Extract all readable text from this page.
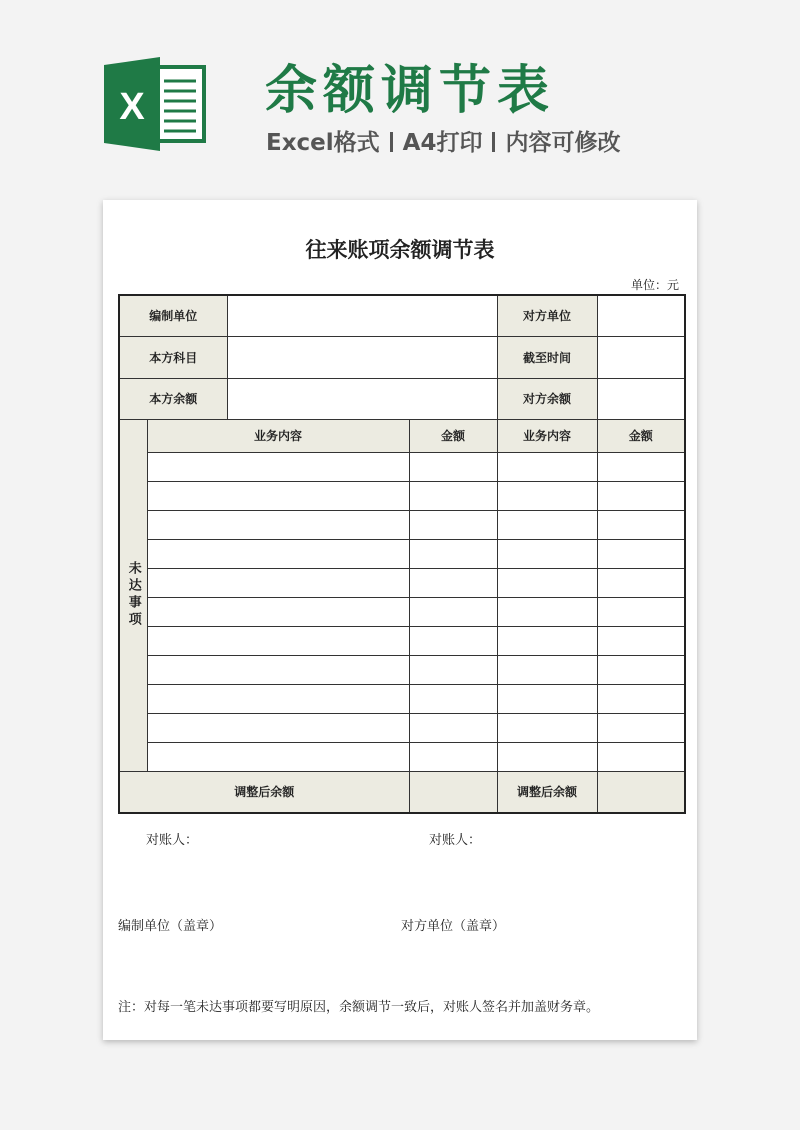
X 余额调节表
Excel格式 A4打印 内容可修改
往来账项余额调节表
单位：元
编制单位				对方单位	
本方科目				截至时间	
本方余额				对方余额	

未达事项	业务内容		金额	业务内容	金额

调整后余额				调整后余额	
对账人：	对账人：
编制单位（盖章）	对方单位（盖章）
注：对每一笔未达事项都要写明原因，余额调节一致后，对账人签名并加盖财务章。
